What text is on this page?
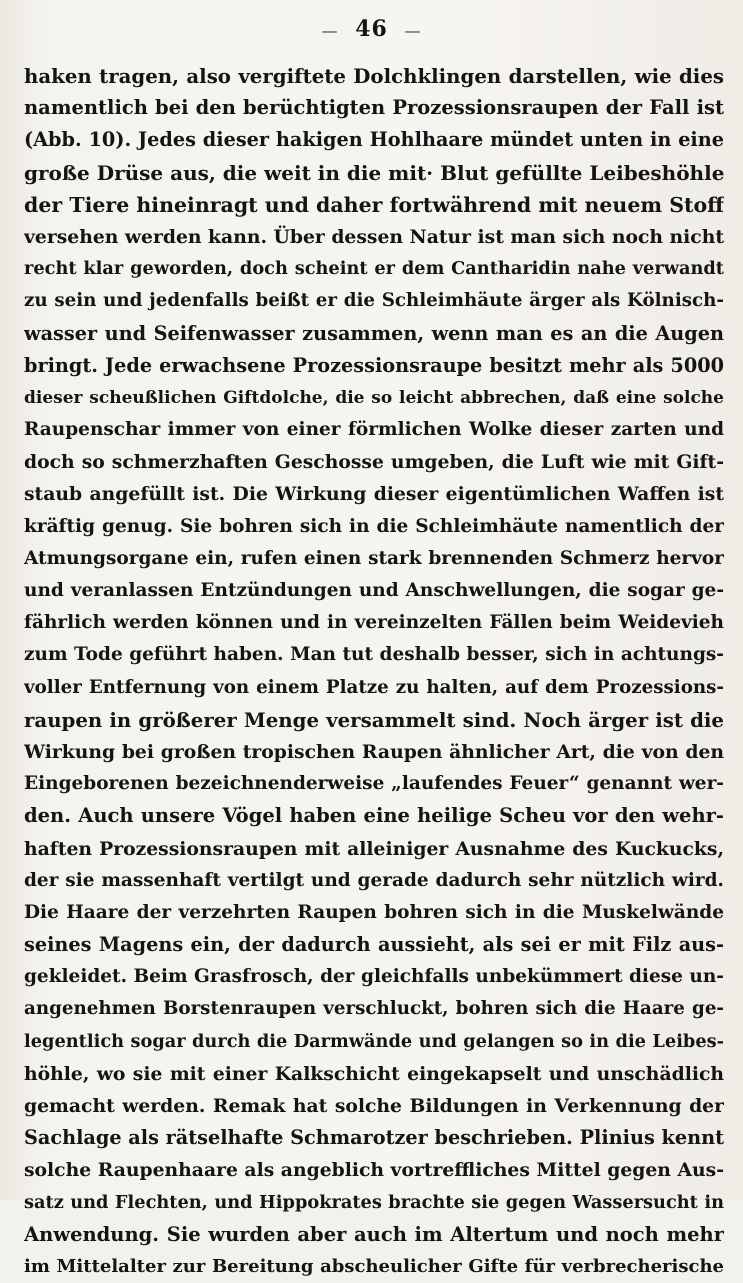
— 46 —
haken tragen, also vergiftete Dolchklingen darstellen, wie dies
namentlich bei den berüchtigten Prozessionsraupen der Fall ist
(Abb. 10). Jedes dieser hakigen Hohlhaare mündet unten in eine
große Drüse aus, die weit in die mit· Blut gefüllte Leibeshöhle
der Tiere hineinragt und daher fortwährend mit neuem Stoff
versehen werden kann. Über dessen Natur ist man sich noch nicht
recht klar geworden, doch scheint er dem Cantharidin nahe verwandt
zu sein und jedenfalls beißt er die Schleimhäute ärger als Kölnisch-
wasser und Seifenwasser zusammen, wenn man es an die Augen
bringt. Jede erwachsene Prozessionsraupe besitzt mehr als 5000
dieser scheußlichen Giftdolche, die so leicht abbrechen, daß eine solche
Raupenschar immer von einer förmlichen Wolke dieser zarten und
doch so schmerzhaften Geschosse umgeben, die Luft wie mit Gift-
staub angefüllt ist. Die Wirkung dieser eigentümlichen Waffen ist
kräftig genug. Sie bohren sich in die Schleimhäute namentlich der
Atmungsorgane ein, rufen einen stark brennenden Schmerz hervor
und veranlassen Entzündungen und Anschwellungen, die sogar ge-
fährlich werden können und in vereinzelten Fällen beim Weidevieh
zum Tode geführt haben. Man tut deshalb besser, sich in achtungs-
voller Entfernung von einem Platze zu halten, auf dem Prozessions-
raupen in größerer Menge versammelt sind. Noch ärger ist die
Wirkung bei großen tropischen Raupen ähnlicher Art, die von den
Eingeborenen bezeichnenderweise „laufendes Feuer“ genannt wer-
den. Auch unsere Vögel haben eine heilige Scheu vor den wehr-
haften Prozessionsraupen mit alleiniger Ausnahme des Kuckucks,
der sie massenhaft vertilgt und gerade dadurch sehr nützlich wird.
Die Haare der verzehrten Raupen bohren sich in die Muskelwände
seines Magens ein, der dadurch aussieht, als sei er mit Filz aus-
gekleidet. Beim Grasfrosch, der gleichfalls unbekümmert diese un-
angenehmen Borstenraupen verschluckt, bohren sich die Haare ge-
legentlich sogar durch die Darmwände und gelangen so in die Leibes-
höhle, wo sie mit einer Kalkschicht eingekapselt und unschädlich
gemacht werden. Remak hat solche Bildungen in Verkennung der
Sachlage als rätselhafte Schmarotzer beschrieben. Plinius kennt
solche Raupenhaare als angeblich vortreffliches Mittel gegen Aus-
satz und Flechten, und Hippokrates brachte sie gegen Wassersucht in
Anwendung. Sie wurden aber auch im Altertum und noch mehr
im Mittelalter zur Bereitung abscheulicher Gifte für verbrecherische
